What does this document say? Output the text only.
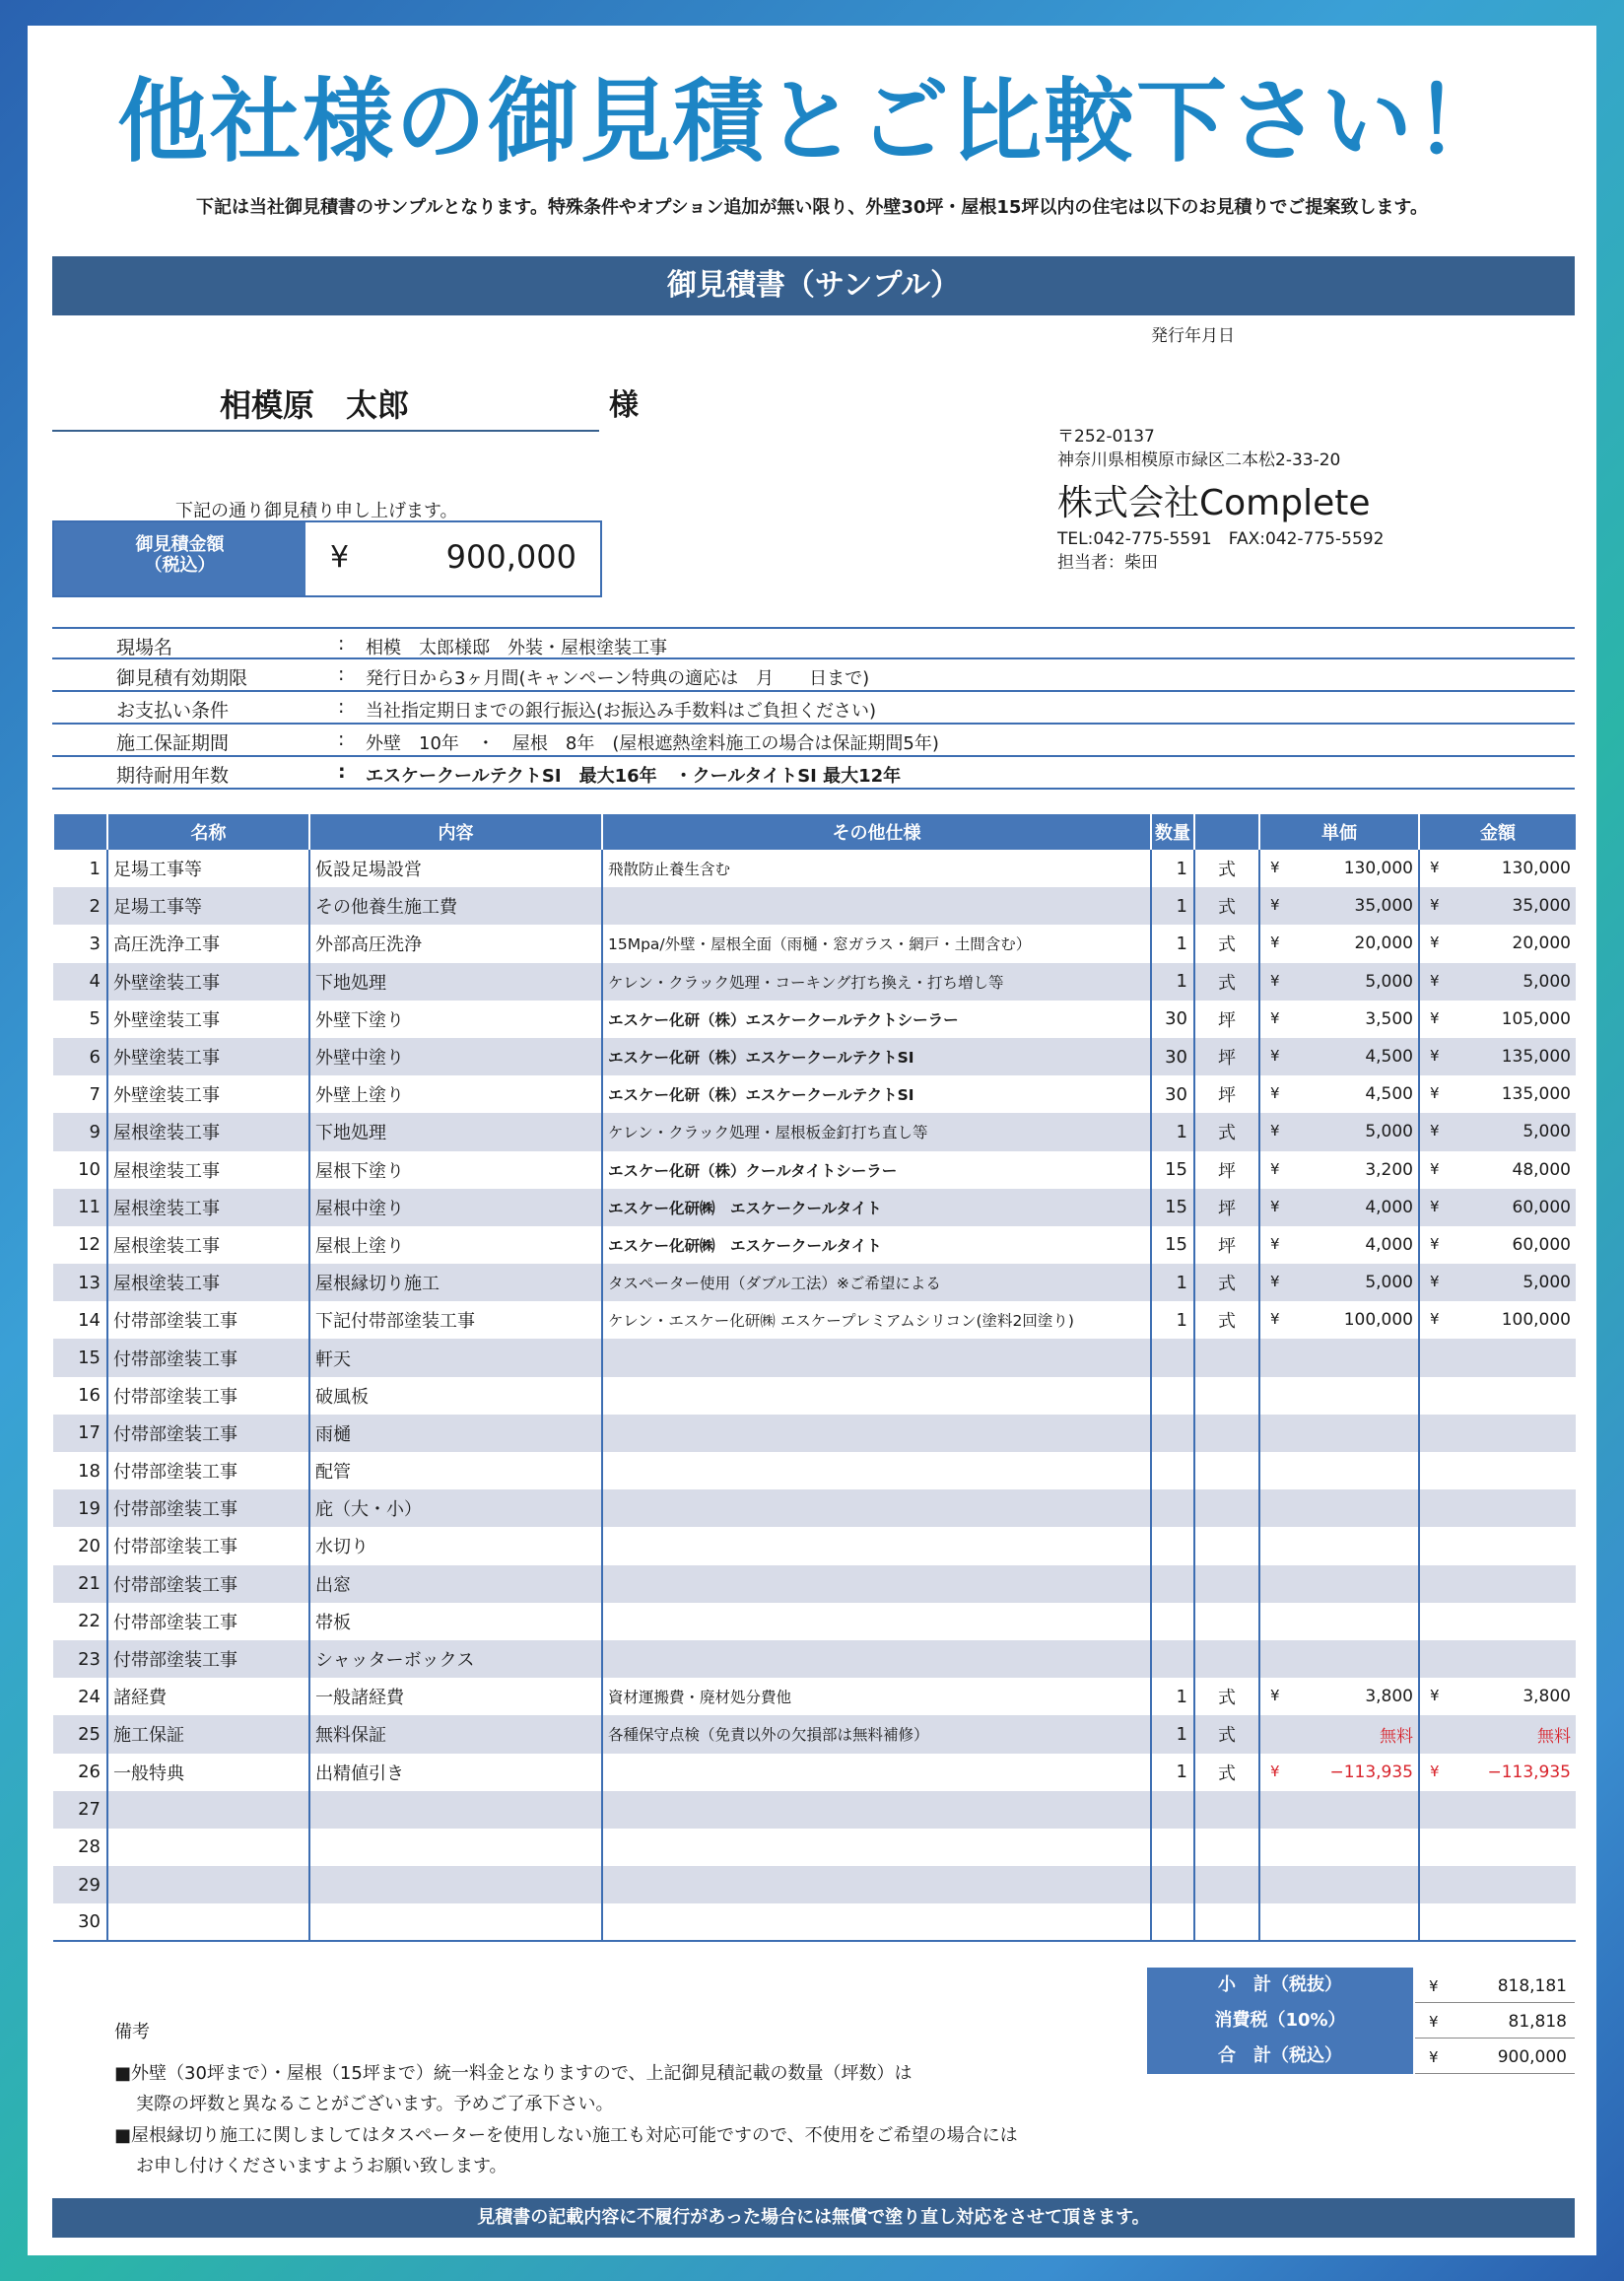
他社様の御見積とご比較下さい！
下記は当社御見積書のサンプルとなります。特殊条件やオプション追加が無い限り、外壁30坪・屋根15坪以内の住宅は以下のお見積りでご提案致します。
御見積書（サンプル）
発行年月日
相模原　太郎	様
〒252-0137
神奈川県相模原市緑区二本松2-33-20
株式会社Complete
TEL:042-775-5591　FAX:042-775-5592
担当者：柴田
下記の通り御見積り申し上げます。
御見積金額
（税込）	¥	900,000
現場名	: 相模　太郎様邸　外装・屋根塗装工事
御見積有効期限	: 発行日から3ヶ月間(キャンペーン特典の適応は　月　　日まで)
お支払い条件	: 当社指定期日までの銀行振込(お振込み手数料はご負担ください)
施工保証期間	: 外壁　10年　・　屋根　8年　(屋根遮熱塗料施工の場合は保証期間5年)
期待耐用年数	: エスケークールテクトSI　最大16年　・クールタイトSI 最大12年
	名称	内容	その他仕様	数量		単価	金額
1	足場工事等	仮設足場設営	飛散防止養生含む	1	式	¥ 130,000	¥ 130,000
2	足場工事等	その他養生施工費		1	式	¥ 35,000	¥ 35,000
3	高圧洗浄工事	外部高圧洗浄	15Mpa/外壁・屋根全面（雨樋・窓ガラス・網戸・土間含む）	1	式	¥ 20,000	¥ 20,000
4	外壁塗装工事	下地処理	ケレン・クラック処理・コーキング打ち換え・打ち増し等	1	式	¥ 5,000	¥ 5,000
5	外壁塗装工事	外壁下塗り	エスケー化研（株）エスケークールテクトシーラー	30	坪	¥ 3,500	¥ 105,000
6	外壁塗装工事	外壁中塗り	エスケー化研（株）エスケークールテクトSI	30	坪	¥ 4,500	¥ 135,000
7	外壁塗装工事	外壁上塗り	エスケー化研（株）エスケークールテクトSI	30	坪	¥ 4,500	¥ 135,000
9	屋根塗装工事	下地処理	ケレン・クラック処理・屋根板金釘打ち直し等	1	式	¥ 5,000	¥ 5,000
10	屋根塗装工事	屋根下塗り	エスケー化研（株）クールタイトシーラー	15	坪	¥ 3,200	¥ 48,000
11	屋根塗装工事	屋根中塗り	エスケー化研㈱　エスケークールタイト	15	坪	¥ 4,000	¥ 60,000
12	屋根塗装工事	屋根上塗り	エスケー化研㈱　エスケークールタイト	15	坪	¥ 4,000	¥ 60,000
13	屋根塗装工事	屋根縁切り施工	タスペーター使用（ダブル工法）※ご希望による	1	式	¥ 5,000	¥ 5,000
14	付帯部塗装工事	下記付帯部塗装工事	ケレン・エスケー化研㈱ エスケープレミアムシリコン(塗料2回塗り)	1	式	¥ 100,000	¥ 100,000
15	付帯部塗装工事	軒天					
16	付帯部塗装工事	破風板					
17	付帯部塗装工事	雨樋					
18	付帯部塗装工事	配管					
19	付帯部塗装工事	庇（大・小）					
20	付帯部塗装工事	水切り					
21	付帯部塗装工事	出窓					
22	付帯部塗装工事	帯板					
23	付帯部塗装工事	シャッターボックス					
24	諸経費	一般諸経費	資材運搬費・廃材処分費他	1	式	¥ 3,800	¥ 3,800
25	施工保証	無料保証	各種保守点検（免責以外の欠損部は無料補修）	1	式	無料	無料
26	一般特典	出精値引き		1	式	¥ −113,935	¥ −113,935
27							
28							
29							
30							
小　計（税抜）	¥	818,181
消費税（10%）	¥	81,818
合　計（税込）	¥	900,000
備考
■外壁（30坪まで）・屋根（15坪まで）統一料金となりますので、上記御見積記載の数量（坪数）は
実際の坪数と異なることがございます。予めご了承下さい。
■屋根縁切り施工に関しましてはタスペーターを使用しない施工も対応可能ですので、不使用をご希望の場合には
お申し付けくださいますようお願い致します。
見積書の記載内容に不履行があった場合には無償で塗り直し対応をさせて頂きます。
